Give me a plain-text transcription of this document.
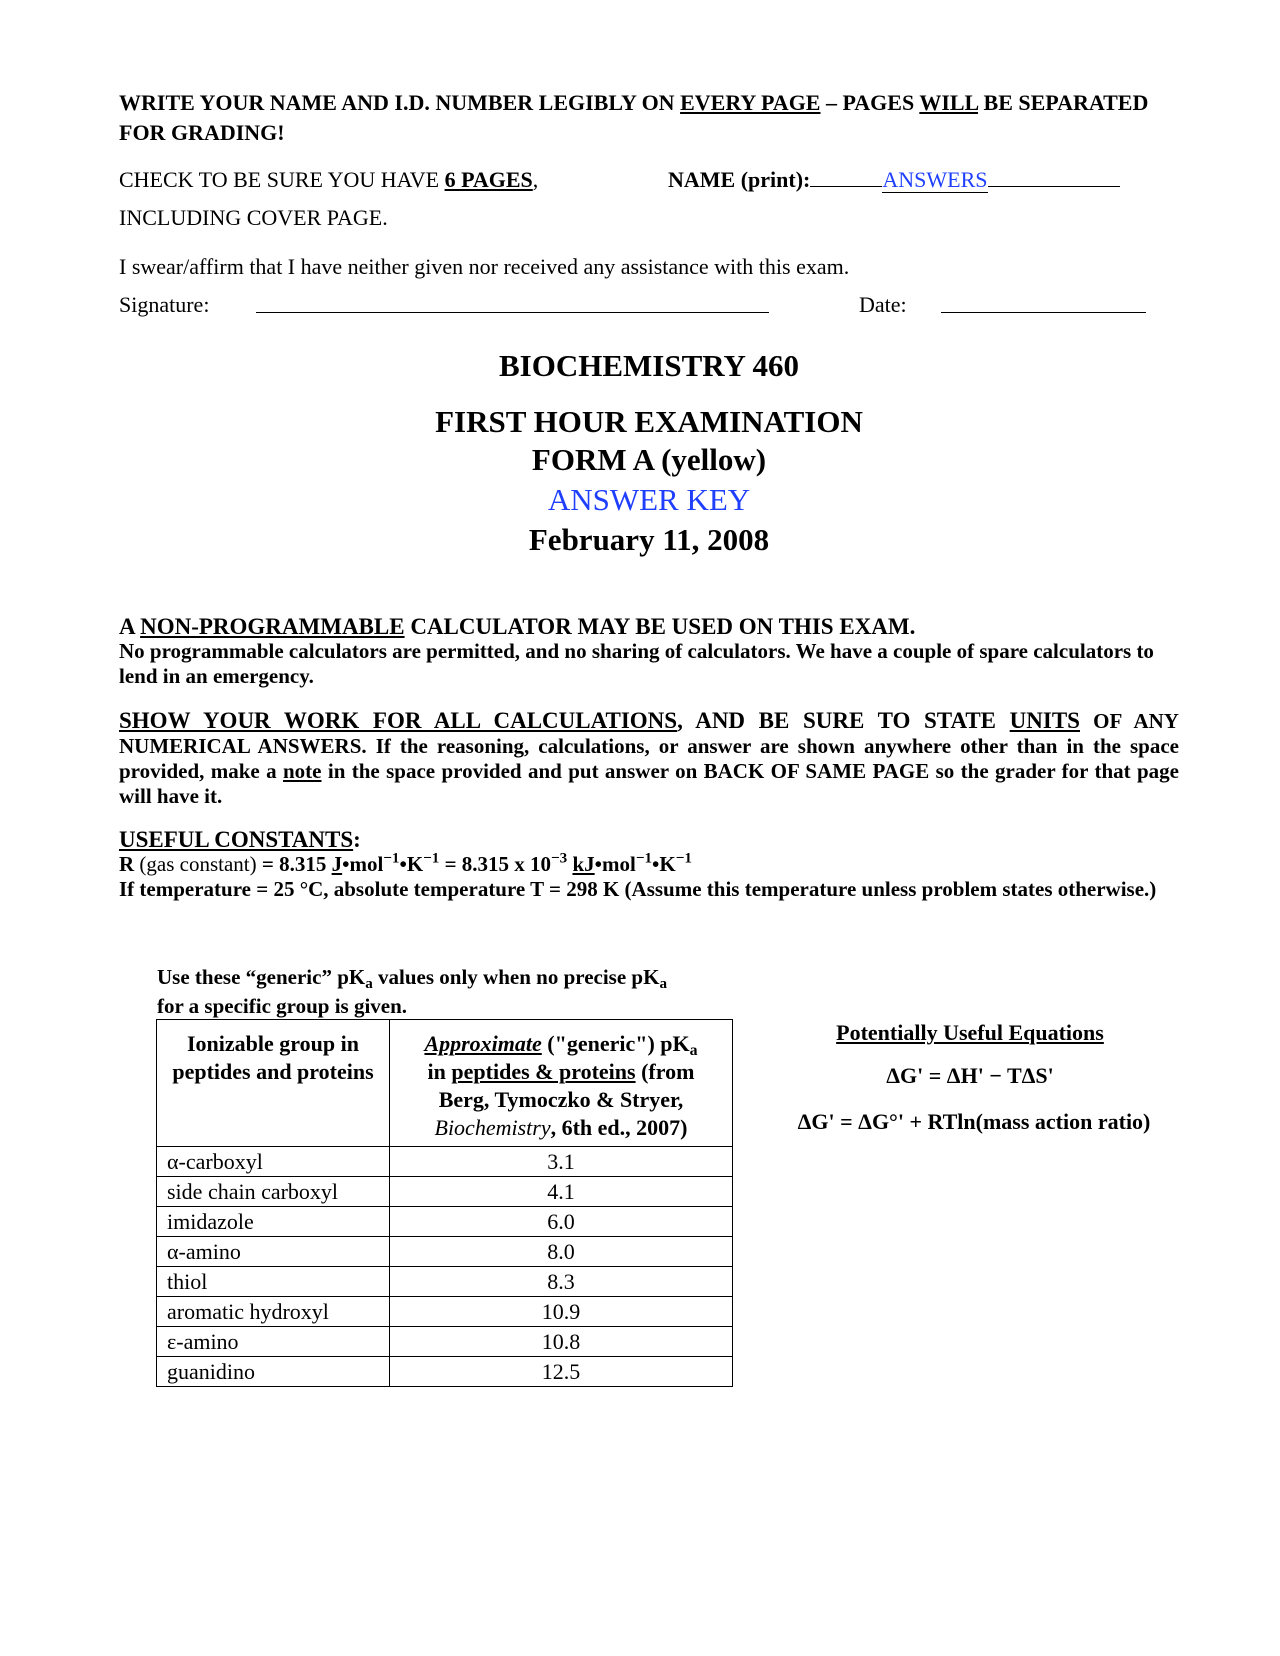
WRITE YOUR NAME AND I.D. NUMBER LEGIBLY ON EVERY PAGE – PAGES WILL BE SEPARATED FOR GRADING!
CHECK TO BE SURE YOU HAVE 6 PAGES,
INCLUDING COVER PAGE.
NAME (print):	ANSWERS
I swear/affirm that I have neither given nor received any assistance with this exam.
Signature:	Date:
BIOCHEMISTRY 460
FIRST HOUR EXAMINATION
FORM A (yellow)
ANSWER KEY
February 11, 2008
A NON-PROGRAMMABLE CALCULATOR MAY BE USED ON THIS EXAM.
No programmable calculators are permitted, and no sharing of calculators. We have a couple of spare calculators to lend in an emergency.
SHOW YOUR WORK FOR ALL CALCULATIONS, AND BE SURE TO STATE UNITS OF ANY NUMERICAL ANSWERS. If the reasoning, calculations, or answer are shown anywhere other than in the space provided, make a note in the space provided and put answer on BACK OF SAME PAGE so the grader for that page will have it.
USEFUL CONSTANTS:
R (gas constant) = 8.315 $J•mol^{-1}•K^{-1} = 8.315$ x $10^{-3}$ $kJ•mol^{-1}•K^{-1}$
If temperature = 25 °C, absolute temperature T = 298 K (Assume this temperature unless problem states otherwise.)
Use these “generic” $pK_a$ values only when no precise $pK_a$
for a specific group is given.
Ionizable group in peptides and proteins	Approximate ("generic") $pK_a$
in peptides & proteins (from Berg, Tymoczko & Stryer, Biochemistry, 6th ed., 2007)
α-carboxyl	3.1
side chain carboxyl	4.1
imidazole	6.0
α-amino	8.0
thiol	8.3
aromatic hydroxyl	10.9
ε-amino	10.8
guanidino	12.5
Potentially Useful Equations
ΔG' = ΔH' − TΔS'
ΔG' = ΔG°' + RTln(mass action ratio)
